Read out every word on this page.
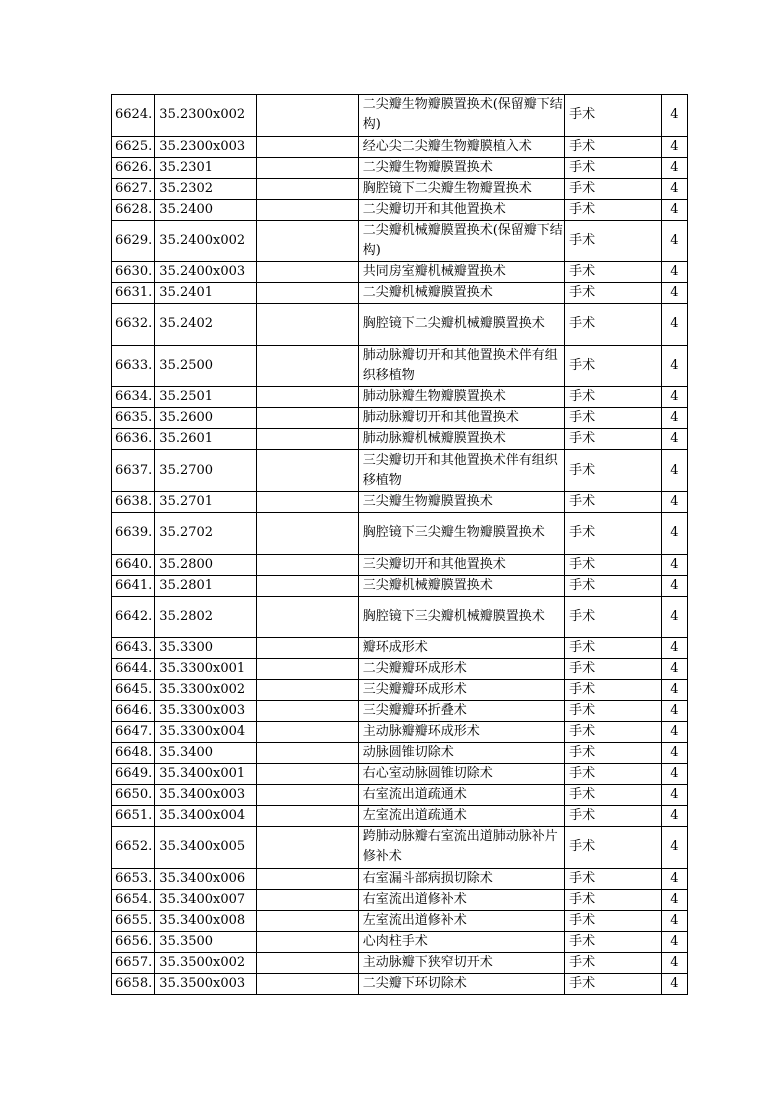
6624.	35.2300x002		二尖瓣生物瓣膜置换术(保留瓣下结构)	手术	4
6625.	35.2300x003		经心尖二尖瓣生物瓣膜植入术	手术	4
6626.	35.2301		二尖瓣生物瓣膜置换术	手术	4
6627.	35.2302		胸腔镜下二尖瓣生物瓣置换术	手术	4
6628.	35.2400		二尖瓣切开和其他置换术	手术	4
6629.	35.2400x002		二尖瓣机械瓣膜置换术(保留瓣下结构)	手术	4
6630.	35.2400x003		共同房室瓣机械瓣置换术	手术	4
6631.	35.2401		二尖瓣机械瓣膜置换术	手术	4
6632.	35.2402		胸腔镜下二尖瓣机械瓣膜置换术	手术	4
6633.	35.2500		肺动脉瓣切开和其他置换术伴有组织移植物	手术	4
6634.	35.2501		肺动脉瓣生物瓣膜置换术	手术	4
6635.	35.2600		肺动脉瓣切开和其他置换术	手术	4
6636.	35.2601		肺动脉瓣机械瓣膜置换术	手术	4
6637.	35.2700		三尖瓣切开和其他置换术伴有组织移植物	手术	4
6638.	35.2701		三尖瓣生物瓣膜置换术	手术	4
6639.	35.2702		胸腔镜下三尖瓣生物瓣膜置换术	手术	4
6640.	35.2800		三尖瓣切开和其他置换术	手术	4
6641.	35.2801		三尖瓣机械瓣膜置换术	手术	4
6642.	35.2802		胸腔镜下三尖瓣机械瓣膜置换术	手术	4
6643.	35.3300		瓣环成形术	手术	4
6644.	35.3300x001		二尖瓣瓣环成形术	手术	4
6645.	35.3300x002		三尖瓣瓣环成形术	手术	4
6646.	35.3300x003		三尖瓣瓣环折叠术	手术	4
6647.	35.3300x004		主动脉瓣瓣环成形术	手术	4
6648.	35.3400		动脉圆锥切除术	手术	4
6649.	35.3400x001		右心室动脉圆锥切除术	手术	4
6650.	35.3400x003		右室流出道疏通术	手术	4
6651.	35.3400x004		左室流出道疏通术	手术	4
6652.	35.3400x005		跨肺动脉瓣右室流出道肺动脉补片修补术	手术	4
6653.	35.3400x006		右室漏斗部病损切除术	手术	4
6654.	35.3400x007		右室流出道修补术	手术	4
6655.	35.3400x008		左室流出道修补术	手术	4
6656.	35.3500		心肉柱手术	手术	4
6657.	35.3500x002		主动脉瓣下狭窄切开术	手术	4
6658.	35.3500x003		二尖瓣下环切除术	手术	4
